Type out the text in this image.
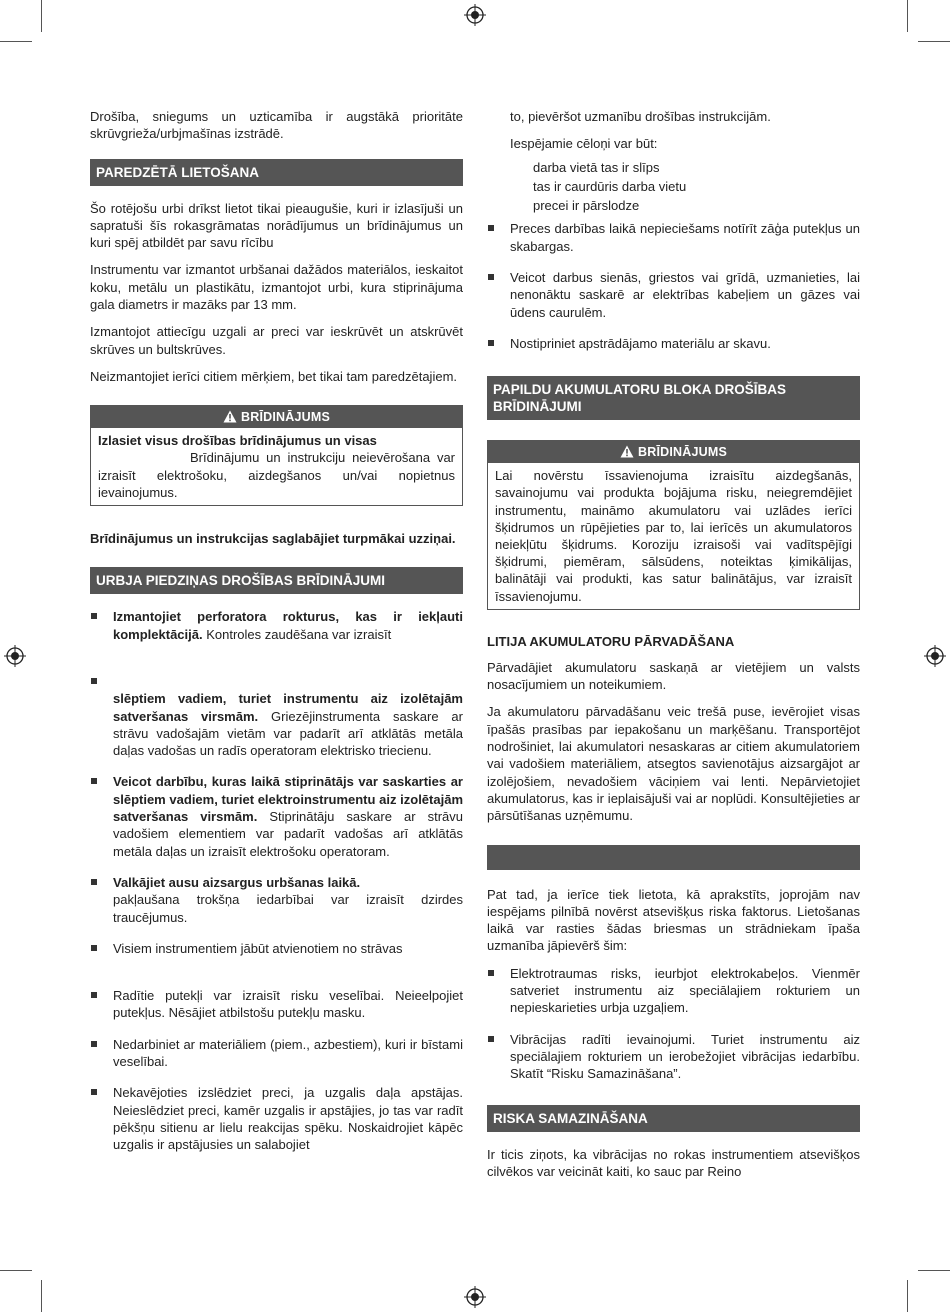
Drošība, sniegums un uzticamība ir augstākā prioritāte skrūvgrieža/urbjmašīnas izstrādē.

PAREDZĒTĀ LIETOŠANA

Šo rotējošu urbi drīkst lietot tikai pieaugušie, kuri ir izlasījuši un sapratuši šīs rokasgrāmatas norādījumus un brīdinājumus un kuri spēj atbildēt par savu rīcību

Instrumentu var izmantot urbšanai dažādos materiālos, ieskaitot koku, metālu un plastikātu, izmantojot urbi, kura stiprinājuma gala diametrs ir mazāks par 13 mm.

Izmantojot attiecīgu uzgali ar preci var ieskrūvēt un atskrūvēt skrūves un bultskrūves.

Neizmantojiet ierīci citiem mērķiem, bet tikai tam paredzētajiem.

BRĪDINĀJUMS
Izlasiet visus drošības brīdinājumus un visas
Brīdinājumu un instrukciju neievērošana var izraisīt elektrošoku, aizdegšanos un/vai nopietnus ievainojumus.

Brīdinājumus un instrukcijas saglabājiet turpmākai uzziņai.

URBJA PIEDZIŅAS DROŠĪBAS BRĪDINĀJUMI
Izmantojiet perforatora rokturus, kas ir iekļauti komplektācijā. Kontroles zaudēšana var izraisīt

slēptiem vadiem, turiet instrumentu aiz izolētajām satveršanas virsmām. Griezējinstrumenta saskare ar strāvu vadošajām vietām var padarīt arī atklātās metāla daļas vadošas un radīs operatoram elektrisko triecienu.
Veicot darbību, kuras laikā stiprinātājs var saskarties ar slēptiem vadiem, turiet elektroinstrumentu aiz izolētajām satveršanas virsmām. Stiprinātāju saskare ar strāvu vadošiem elementiem var padarīt vadošas arī atklātās metāla daļas un izraisīt elektrošoku operatoram.
Valkājiet ausu aizsargus urbšanas laikā.
pakļaušana trokšņa iedarbībai var izraisīt dzirdes traucējumus.
Visiem instrumentiem jābūt atvienotiem no strāvas
Radītie putekļi var izraisīt risku veselībai. Neieelpojiet putekļus. Nēsājiet atbilstošu putekļu masku.
Nedarbiniet ar materiāliem (piem., azbestiem), kuri ir bīstami veselībai.
Nekavējoties izslēdziet preci, ja uzgalis daļa apstājas. Neieslēdziet preci, kamēr uzgalis ir apstājies, jo tas var radīt pēkšņu sitienu ar lielu reakcijas spēku. Noskaidrojiet kāpēc uzgalis ir apstājusies un salabojiet

to, pievēršot uzmanību drošības instrukcijām.

Iespējamie cēloņi var būt:

darba vietā tas ir slīps

tas ir caurdūris darba vietu

precei ir pārslodze

Preces darbības laikā nepieciešams notīrīt zāģa putekļus un skabargas.
Veicot darbus sienās, griestos vai grīdā, uzmanieties, lai nenonāktu saskarē ar elektrības kabeļiem un gāzes vai ūdens caurulēm.
Nostipriniet apstrādājamo materiālu ar skavu.
PAPILDU AKUMULATORU BLOKA DROŠĪBAS BRĪDINĀJUMI
BRĪDINĀJUMS
Lai novērstu īssavienojuma izraisītu aizdegšanās, savainojumu vai produkta bojājuma risku, neiegremdējiet instrumentu, maināmo akumulatoru vai uzlādes ierīci šķidrumos un rūpējieties par to, lai ierīcēs un akumulatoros neiekļūtu šķidrums. Koroziju izraisoši vai vadītspējīgi šķidrumi, piemēram, sālsūdens, noteiktas ķimikālijas, balinātāji vai produkti, kas satur balinātājus, var izraisīt īssavienojumu.
LITIJA AKUMULATORU PĀRVADĀŠANA

Pārvadājiet akumulatoru saskaņā ar vietējiem un valsts nosacījumiem un noteikumiem.

Ja akumulatoru pārvadāšanu veic trešā puse, ievērojiet visas īpašās prasības par iepakošanu un marķēšanu. Transportējot nodrošiniet, lai akumulatori nesaskaras ar citiem akumulatoriem vai vadošiem materiāliem, atsegtos savienotājus aizsargājot ar izolējošiem, nevadošiem vāciņiem vai lenti. Nepārvietojiet akumulatorus, kas ir ieplaisājuši vai ar noplūdi. Konsultējieties ar pārsūtīšanas uzņēmumu.

Pat tad, ja ierīce tiek lietota, kā aprakstīts, joprojām nav iespējams pilnībā novērst atsevišķus riska faktorus. Lietošanas laikā var rasties šādas briesmas un strādniekam īpaša uzmanība jāpievērš šim:

Elektrotraumas risks, ieurbjot elektrokabeļos. Vienmēr satveriet instrumentu aiz speciālajiem rokturiem un nepieskarieties urbja uzgaļiem.
Vibrācijas radīti ievainojumi. Turiet instrumentu aiz speciālajiem rokturiem un ierobežojiet vibrācijas iedarbību. Skatīt “Risku Samazināšana”.
RISKA SAMAZINĀŠANA

Ir ticis ziņots, ka vibrācijas no rokas instrumentiem atsevišķos cilvēkos var veicināt kaiti, ko sauc par Reino
